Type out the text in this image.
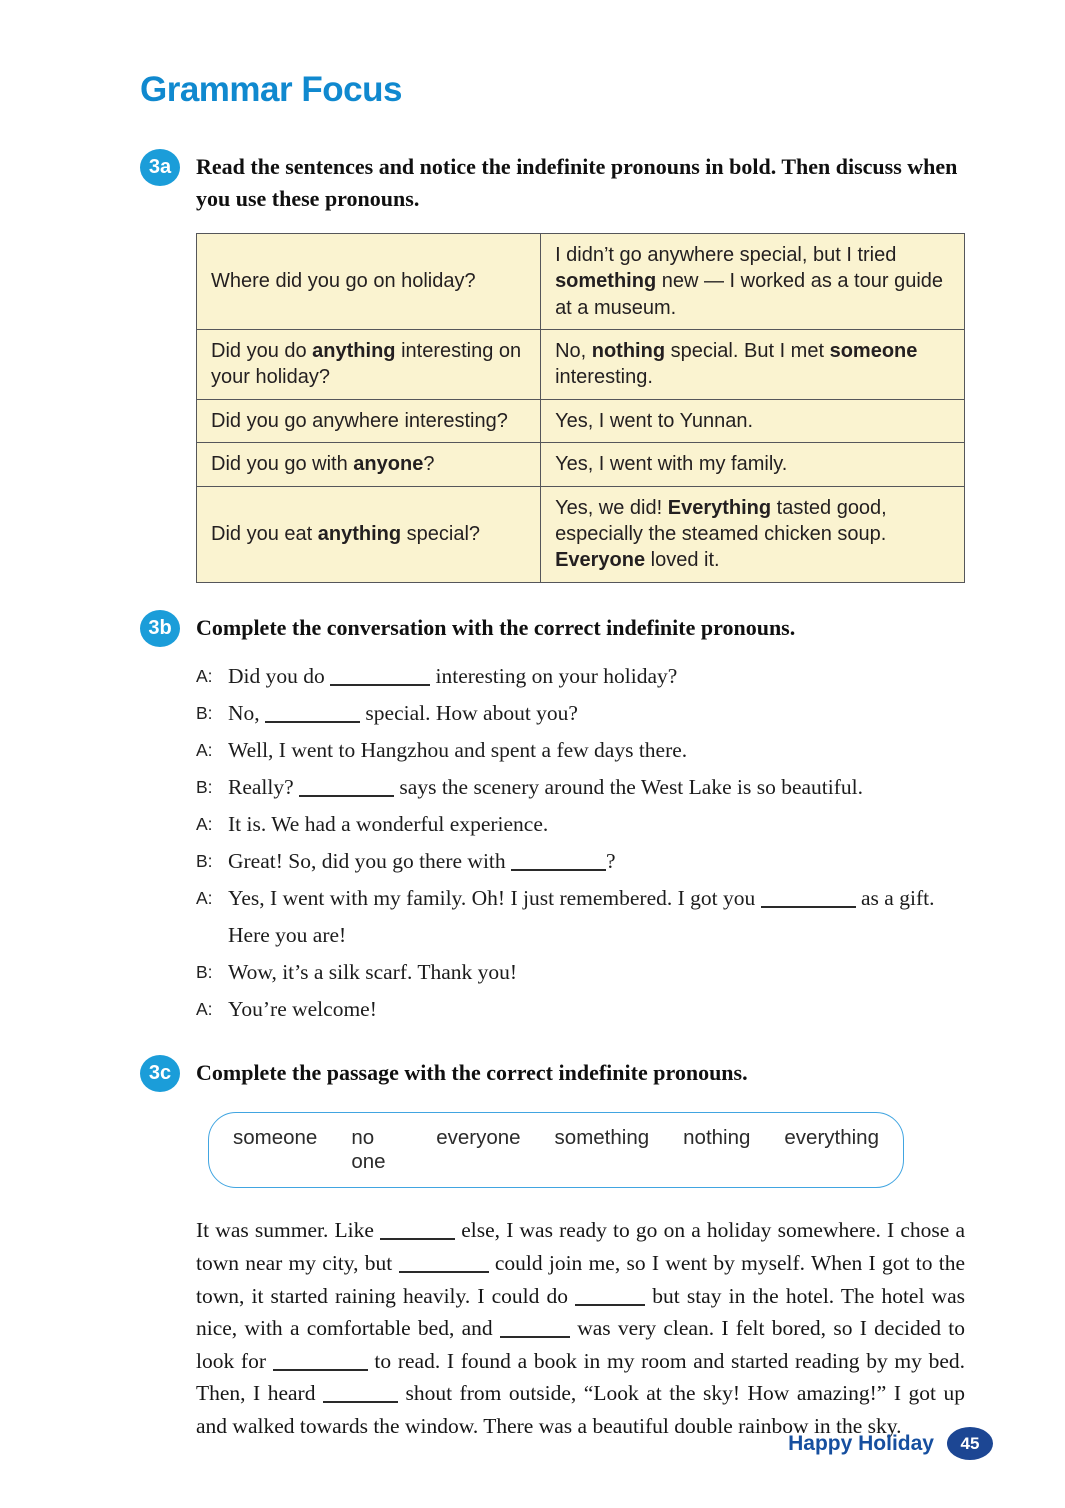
Grammar Focus
3a	Read the sentences and notice the indefinite pronouns in bold. Then discuss when you use these pronouns.

Where did you go on holiday?	I didn’t go anywhere special, but I tried something new — I worked as a tour guide at a museum.
Did you do anything interesting on your holiday?	No, nothing special. But I met someone interesting.
Did you go anywhere interesting?	Yes, I went to Yunnan.
Did you go with anyone?	Yes, I went with my family.
Did you eat anything special?	Yes, we did! Everything tasted good, especially the steamed chicken soup. Everyone loved it.
3b	Complete the conversation with the correct indefinite pronouns.

A: Did you do	interesting on your holiday?
B: No,	special. How about you?
A: Well, I went to Hangzhou and spent a few days there.
B: Really?	says the scenery around the West Lake is so beautiful.
A: It is. We had a wonderful experience.
B: Great! So, did you go there with	?
A: Yes, I went with my family. Oh! I just remembered. I got you	as a gift. Here you are!
B: Wow, it’s a silk scarf. Thank you!
A: You’re welcome!
3c	Complete the passage with the correct indefinite pronouns.

someone no one
everyone something nothing everything

It was summer. Like	else, I was ready to go on a holiday somewhere. I chose a town near my city, but	could join me, so I went by myself. When I got to the town, it started raining heavily. I could do	but stay in the hotel. The hotel was nice, with a comfortable bed, and	was very clean. I felt bored, so I decided to look for	to read. I found a book in my room and started reading by my bed. Then, I heard	shout from outside, “Look at the sky! How amazing!” I got up and walked towards the window. There was a beautiful double rainbow in the sky.

Happy Holiday	45
